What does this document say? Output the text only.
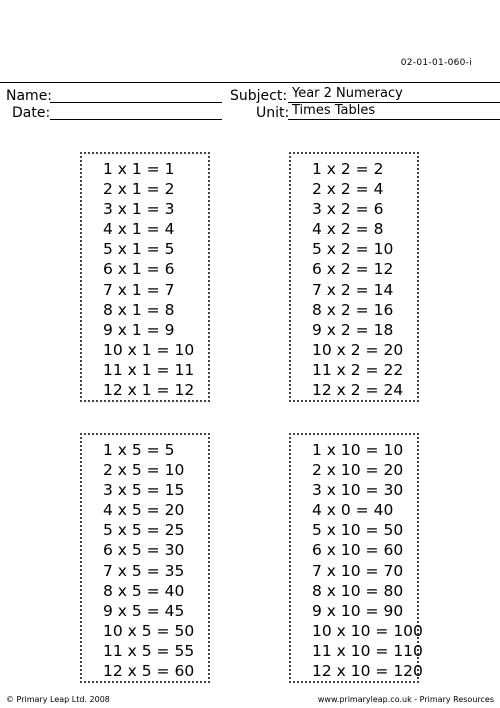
02-01-01-060-i
Name:
Date:
Subject: Year 2 Numeracy
Unit: Times Tables
1 x 1 = 1
2 x 1 = 2
3 x 1 = 3
4 x 1 = 4
5 x 1 = 5
6 x 1 = 6
7 x 1 = 7
8 x 1 = 8
9 x 1 = 9
10 x 1 = 10
11 x 1 = 11
12 x 1 = 12
1 x 2 = 2
2 x 2 = 4
3 x 2 = 6
4 x 2 = 8
5 x 2 = 10
6 x 2 = 12
7 x 2 = 14
8 x 2 = 16
9 x 2 = 18
10 x 2 = 20
11 x 2 = 22
12 x 2 = 24
1 x 5 = 5
2 x 5 = 10
3 x 5 = 15
4 x 5 = 20
5 x 5 = 25
6 x 5 = 30
7 x 5 = 35
8 x 5 = 40
9 x 5 = 45
10 x 5 = 50
11 x 5 = 55
12 x 5 = 60
1 x 10 = 10
2 x 10 = 20
3 x 10 = 30
4 x 0 = 40
5 x 10 = 50
6 x 10 = 60
7 x 10 = 70
8 x 10 = 80
9 x 10 = 90
10 x 10 = 100
11 x 10 = 110
12 x 10 = 120
© Primary Leap Ltd. 2008	www.primaryleap.co.uk - Primary Resources
